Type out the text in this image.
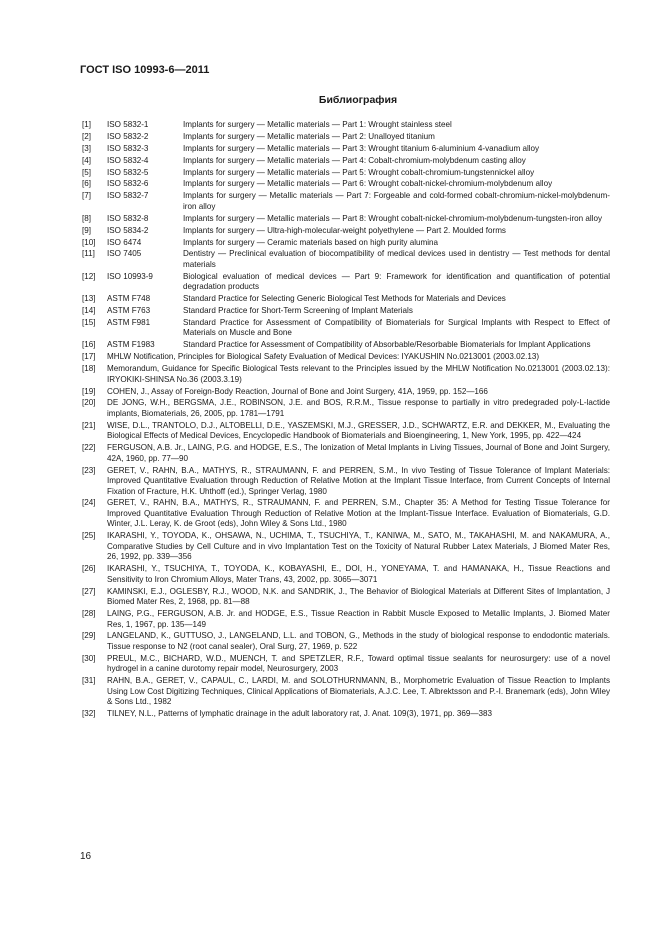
ГОСТ ISO 10993-6—2011
Библиография
[1]	ISO 5832-1	Implants for surgery — Metallic materials — Part 1: Wrought stainless steel
[2]	ISO 5832-2	Implants for surgery — Metallic materials — Part 2: Unalloyed titanium
[3]	ISO 5832-3	Implants for surgery — Metallic materials — Part 3: Wrought titanium 6-aluminium 4-vanadium alloy
[4]	ISO 5832-4	Implants for surgery — Metallic materials — Part 4: Cobalt-chromium-molybdenum casting alloy
[5]	ISO 5832-5	Implants for surgery — Metallic materials — Part 5: Wrought cobalt-chromium-tungstennickel alloy
[6]	ISO 5832-6	Implants for surgery — Metallic materials — Part 6: Wrought cobalt-nickel-chromium-molybdenum alloy
[7]	ISO 5832-7	Implants for surgery — Metallic materials — Part 7: Forgeable and cold-formed cobalt-chromium-nickel-molybdenum-iron alloy
[8]	ISO 5832-8	Implants for surgery — Metallic materials — Part 8: Wrought cobalt-nickel-chromium-molybdenum-tungsten-iron alloy
[9]	ISO 5834-2	Implants for surgery — Ultra-high-molecular-weight polyethylene — Part 2. Moulded forms
[10]	ISO 6474	Implants for surgery — Ceramic materials based on high purity alumina
[11]	ISO 7405	Dentistry — Preclinical evaluation of biocompatibility of medical devices used in dentistry — Test methods for dental materials
[12]	ISO 10993-9	Biological evaluation of medical devices — Part 9: Framework for identification and quantification of potential degradation products
[13]	ASTM F748	Standard Practice for Selecting Generic Biological Test Methods for Materials and Devices
[14]	ASTM F763	Standard Practice for Short-Term Screening of Implant Materials
[15]	ASTM F981	Standard Practice for Assessment of Compatibility of Biomaterials for Surgical Implants with Respect to Effect of Materials on Muscle and Bone
[16]	ASTM F1983	Standard Practice for Assessment of Compatibility of Absorbable/Resorbable Biomaterials for Implant Applications
[17]	MHLW Notification, Principles for Biological Safety Evaluation of Medical Devices: IYAKUSHIN No.0213001 (2003.02.13)
[18]	Memorandum, Guidance for Specific Biological Tests relevant to the Principles issued by the MHLW Notification No.0213001 (2003.02.13): IRYOKIKI-SHINSA No.36 (2003.3.19)
[19]	COHEN, J., Assay of Foreign-Body Reaction, Journal of Bone and Joint Surgery, 41A, 1959, pp. 152—166
[20]	DE JONG, W.H., BERGSMA, J.E., ROBINSON, J.E. and BOS, R.R.M., Tissue response to partially in vitro predegraded poly-L-lactide implants, Biomaterials, 26, 2005, pp. 1781—1791
[21]	WISE, D.L., TRANTOLO, D.J., ALTOBELLI, D.E., YASZEMSKI, M.J., GRESSER, J.D., SCHWARTZ, E.R. and DEKKER, M., Evaluating the Biological Effects of Medical Devices, Encyclopedic Handbook of Biomaterials and Bioengineering, 1, New York, 1995, pp. 422—424
[22]	FERGUSON, A.B. Jr., LAING, P.G. and HODGE, E.S., The Ionization of Metal Implants in Living Tissues, Journal of Bone and Joint Surgery, 42A, 1960, pp. 77—90
[23]	GERET, V., RAHN, B.A., MATHYS, R., STRAUMANN, F. and PERREN, S.M., In vivo Testing of Tissue Tolerance of Implant Materials: Improved Quantitative Evaluation through Reduction of Relative Motion at the Implant Tissue Interface, from Current Concepts of Internal Fixation of Fracture, H.K. Uhthoff (ed.), Springer Verlag, 1980
[24]	GERET, V., RAHN, B.A., MATHYS, R., STRAUMANN, F. and PERREN, S.M., Chapter 35: A Method for Testing Tissue Tolerance for Improved Quantitative Evaluation Through Reduction of Relative Motion at the Implant-Tissue Interface. Evaluation of Biomaterials, G.D. Winter, J.L. Leray, K. de Groot (eds), John Wiley & Sons Ltd., 1980
[25]	IKARASHI, Y., TOYODA, K., OHSAWA, N., UCHIMA, T., TSUCHIYA, T., KANIWA, M., SATO, M., TAKAHASHI, M. and NAKAMURA, A., Comparative Studies by Cell Culture and in vivo Implantation Test on the Toxicity of Natural Rubber Latex Materials, J Biomed Mater Res, 26, 1992, pp. 339—356
[26]	IKARASHI, Y., TSUCHIYA, T., TOYODA, K., KOBAYASHI, E., DOI, H., YONEYAMA, T. and HAMANAKA, H., Tissue Reactions and Sensitivity to Iron Chromium Alloys, Mater Trans, 43, 2002, pp. 3065—3071
[27]	KAMINSKI, E.J., OGLESBY, R.J., WOOD, N.K. and SANDRIK, J., The Behavior of Biological Materials at Different Sites of Implantation, J Biomed Mater Res, 2, 1968, pp. 81—88
[28]	LAING, P.G., FERGUSON, A.B. Jr. and HODGE, E.S., Tissue Reaction in Rabbit Muscle Exposed to Metallic Implants, J. Biomed Mater Res, 1, 1967, pp. 135—149
[29]	LANGELAND, K., GUTTUSO, J., LANGELAND, L.L. and TOBON, G., Methods in the study of biological response to endodontic materials. Tissue response to N2 (root canal sealer), Oral Surg, 27, 1969, p. 522
[30]	PREUL, M.C., BICHARD, W.D., MUENCH, T. and SPETZLER, R.F., Toward optimal tissue sealants for neurosurgery: use of a novel hydrogel in a canine durotomy repair model, Neurosurgery, 2003
[31]	RAHN, B.A., GERET, V., CAPAUL, C., LARDI, M. and SOLOTHURNMANN, B., Morphometric Evaluation of Tissue Reaction to Implants Using Low Cost Digitizing Techniques, Clinical Applications of Biomaterials, A.J.C. Lee, T. Albrektsson and P.-I. Branemark (eds), John Wiley & Sons Ltd., 1982
[32]	TILNEY, N.L., Patterns of lymphatic drainage in the adult laboratory rat, J. Anat. 109(3), 1971, pp. 369—383
16
